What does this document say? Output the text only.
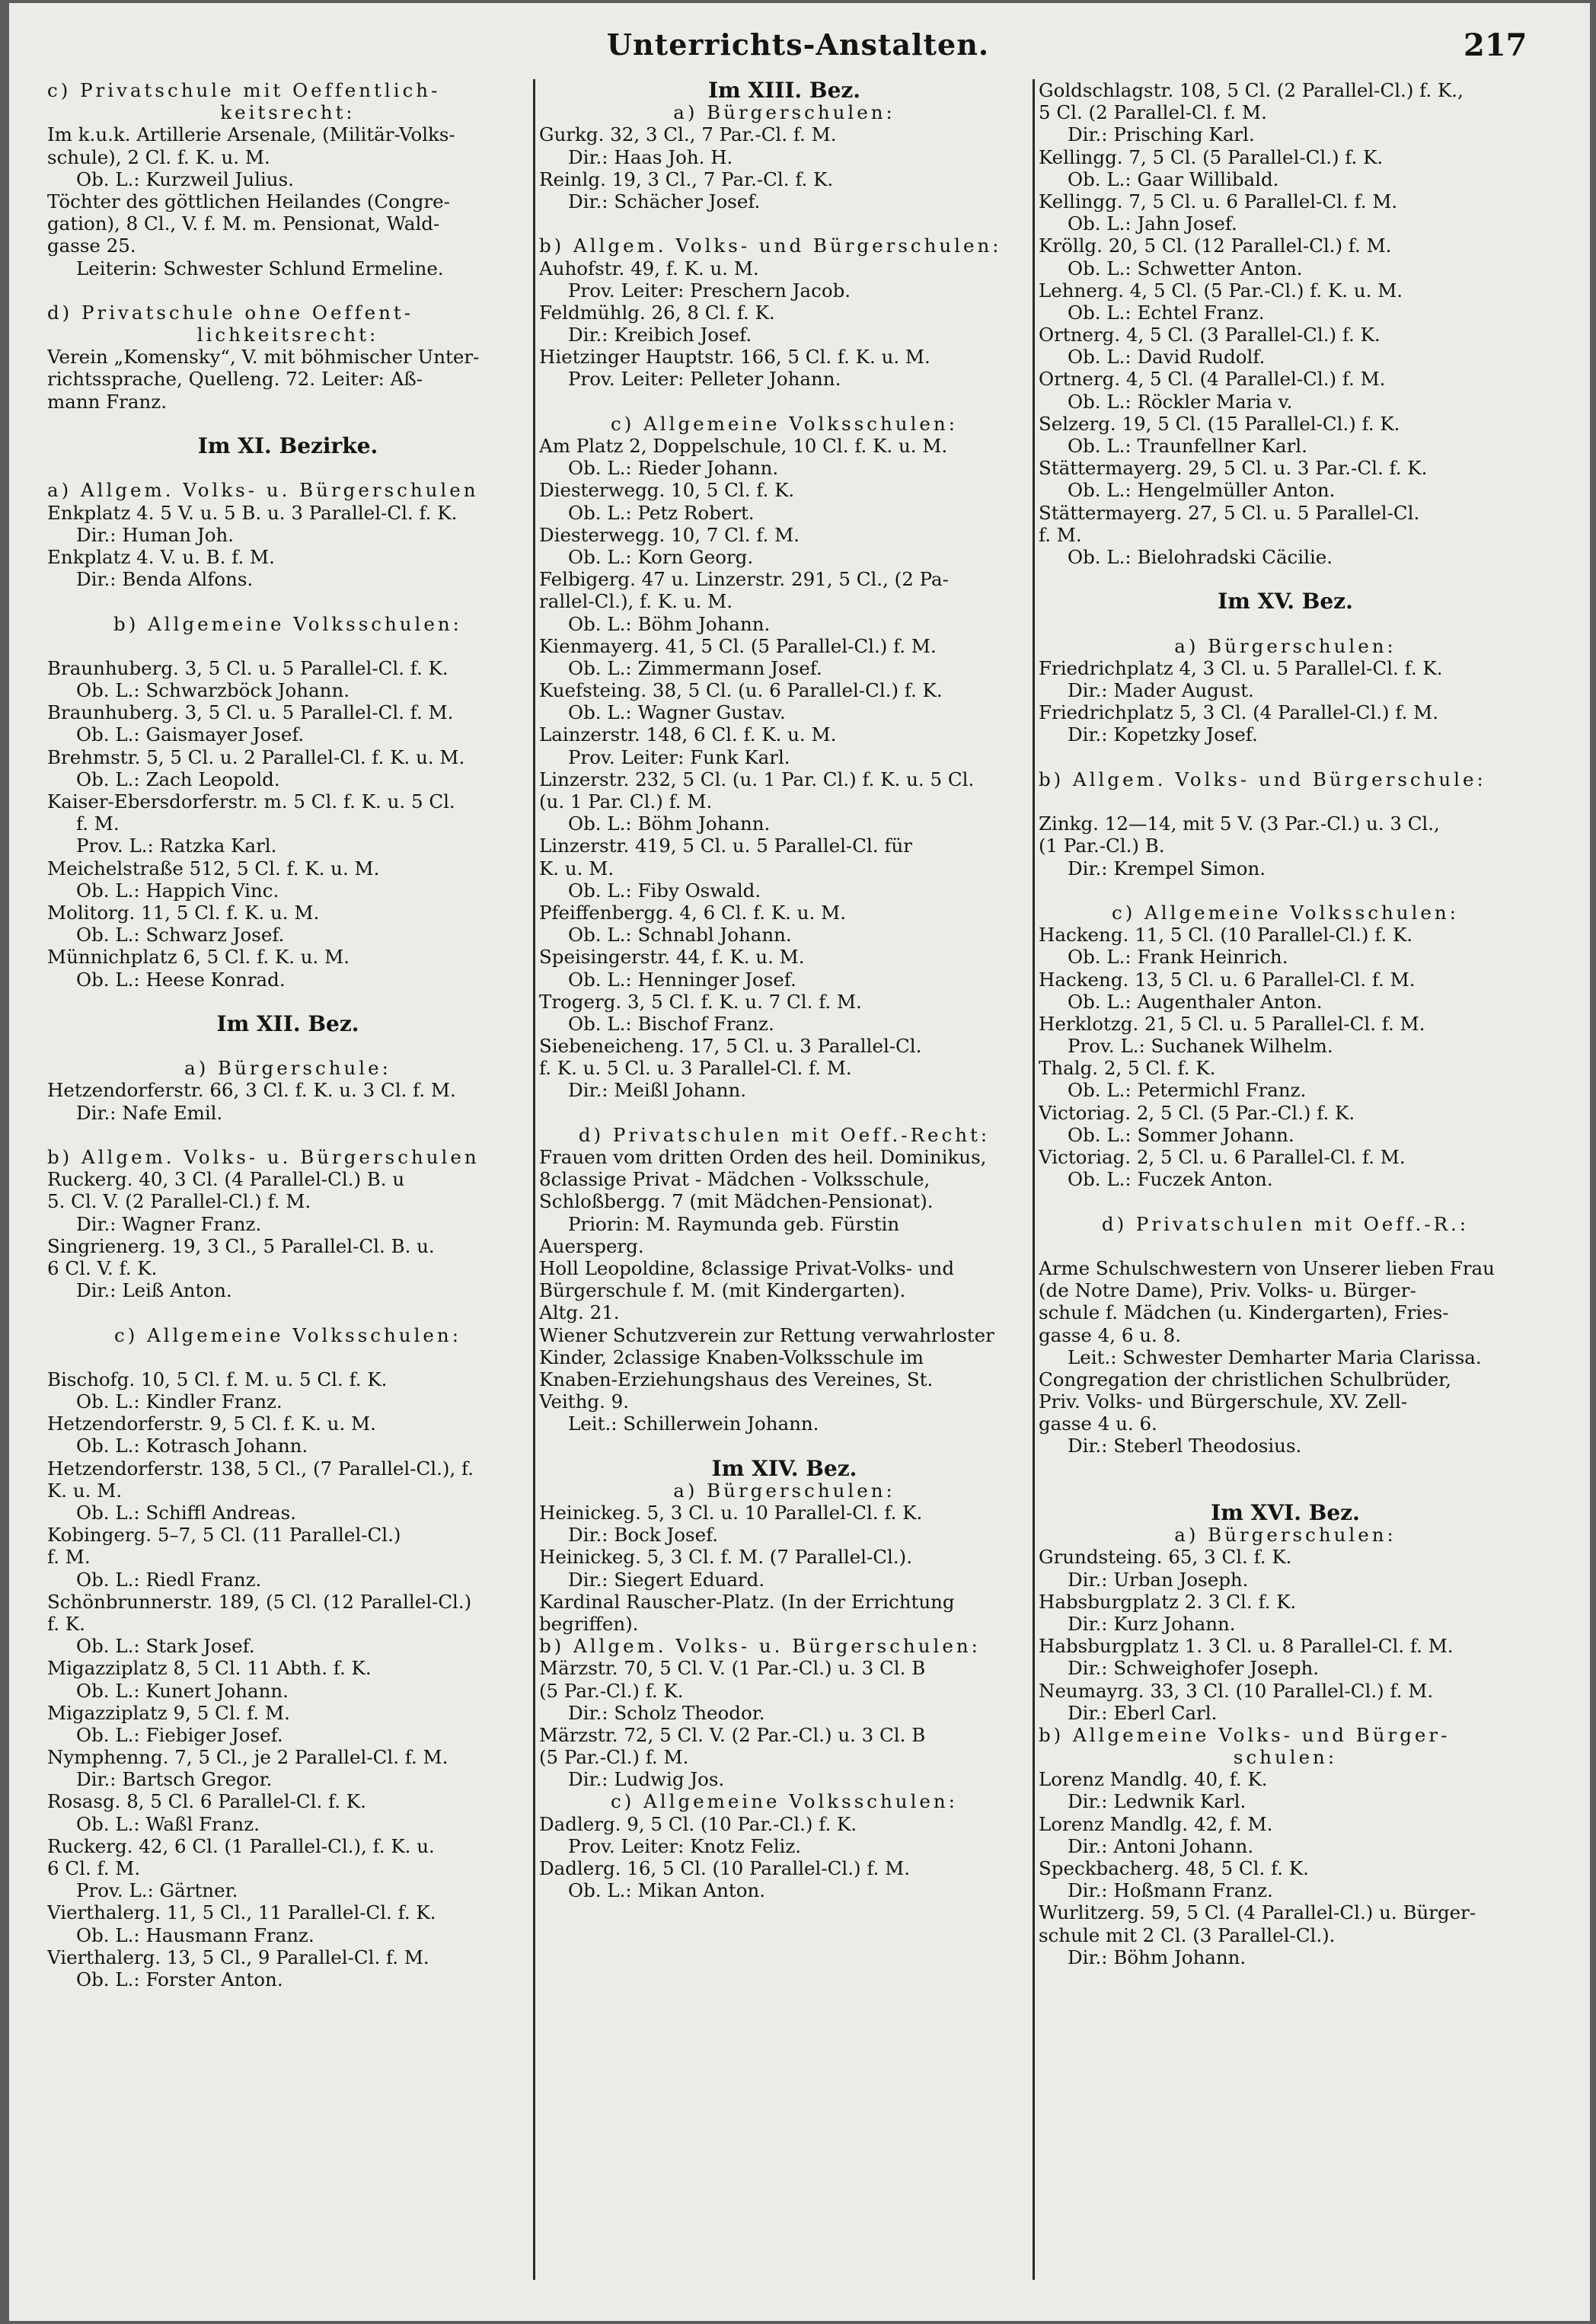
Unterrichts-Anstalten.	217
c) Privatschule mit Oeffentlich-
keitsrecht:
Im k.u.k. Artillerie Arsenale, (Militär-Volks-
schule), 2 Cl. f. K. u. M.
Ob. L.: Kurzweil Julius.
Töchter des göttlichen Heilandes (Congre-
gation), 8 Cl., V. f. M. m. Pensionat, Wald-
gasse 25.
Leiterin: Schwester Schlund Ermeline.
d) Privatschule ohne Oeffent-
lichkeitsrecht:
Verein „Komensky“, V. mit böhmischer Unter-
richtssprache, Quelleng. 72. Leiter: Aß-
mann Franz.
Im XI. Bezirke.
a) Allgem. Volks- u. Bürgerschulen
Enkplatz 4. 5 V. u. 5 B. u. 3 Parallel-Cl. f. K.
Dir.: Human Joh.
Enkplatz 4. V. u. B. f. M.
Dir.: Benda Alfons.
b) Allgemeine Volksschulen:
Braunhuberg. 3, 5 Cl. u. 5 Parallel-Cl. f. K.
Ob. L.: Schwarzböck Johann.
Braunhuberg. 3, 5 Cl. u. 5 Parallel-Cl. f. M.
Ob. L.: Gaismayer Josef.
Brehmstr. 5, 5 Cl. u. 2 Parallel-Cl. f. K. u. M.
Ob. L.: Zach Leopold.
Kaiser-Ebersdorferstr. m. 5 Cl. f. K. u. 5 Cl.
f. M.
Prov. L.: Ratzka Karl.
Meichelstraße 512, 5 Cl. f. K. u. M.
Ob. L.: Happich Vinc.
Molitorg. 11, 5 Cl. f. K. u. M.
Ob. L.: Schwarz Josef.
Münnichplatz 6, 5 Cl. f. K. u. M.
Ob. L.: Heese Konrad.
Im XII. Bez.
a) Bürgerschule:
Hetzendorferstr. 66, 3 Cl. f. K. u. 3 Cl. f. M.
Dir.: Nafe Emil.
b) Allgem. Volks- u. Bürgerschulen
Ruckerg. 40, 3 Cl. (4 Parallel-Cl.) B. u
5. Cl. V. (2 Parallel-Cl.) f. M.
Dir.: Wagner Franz.
Singrienerg. 19, 3 Cl., 5 Parallel-Cl. B. u.
6 Cl. V. f. K.
Dir.: Leiß Anton.
c) Allgemeine Volksschulen:
Bischofg. 10, 5 Cl. f. M. u. 5 Cl. f. K.
Ob. L.: Kindler Franz.
Hetzendorferstr. 9, 5 Cl. f. K. u. M.
Ob. L.: Kotrasch Johann.
Hetzendorferstr. 138, 5 Cl., (7 Parallel-Cl.), f.
K. u. M.
Ob. L.: Schiffl Andreas.
Kobingerg. 5–7, 5 Cl. (11 Parallel-Cl.)
f. M.
Ob. L.: Riedl Franz.
Schönbrunnerstr. 189, (5 Cl. (12 Parallel-Cl.)
f. K.
Ob. L.: Stark Josef.
Migazziplatz 8, 5 Cl. 11 Abth. f. K.
Ob. L.: Kunert Johann.
Migazziplatz 9, 5 Cl. f. M.
Ob. L.: Fiebiger Josef.
Nymphenng. 7, 5 Cl., je 2 Parallel-Cl. f. M.
Dir.: Bartsch Gregor.
Rosasg. 8, 5 Cl. 6 Parallel-Cl. f. K.
Ob. L.: Waßl Franz.
Ruckerg. 42, 6 Cl. (1 Parallel-Cl.), f. K. u.
6 Cl. f. M.
Prov. L.: Gärtner.
Vierthalerg. 11, 5 Cl., 11 Parallel-Cl. f. K.
Ob. L.: Hausmann Franz.
Vierthalerg. 13, 5 Cl., 9 Parallel-Cl. f. M.
Ob. L.: Forster Anton.
Im XIII. Bez.
a) Bürgerschulen:
Gurkg. 32, 3 Cl., 7 Par.-Cl. f. M.
Dir.: Haas Joh. H.
Reinlg. 19, 3 Cl., 7 Par.-Cl. f. K.
Dir.: Schächer Josef.
b) Allgem. Volks- und Bürgerschulen:
Auhofstr. 49, f. K. u. M.
Prov. Leiter: Preschern Jacob.
Feldmühlg. 26, 8 Cl. f. K.
Dir.: Kreibich Josef.
Hietzinger Hauptstr. 166, 5 Cl. f. K. u. M.
Prov. Leiter: Pelleter Johann.
c) Allgemeine Volksschulen:
Am Platz 2, Doppelschule, 10 Cl. f. K. u. M.
Ob. L.: Rieder Johann.
Diesterwegg. 10, 5 Cl. f. K.
Ob. L.: Petz Robert.
Diesterwegg. 10, 7 Cl. f. M.
Ob. L.: Korn Georg.
Felbigerg. 47 u. Linzerstr. 291, 5 Cl., (2 Pa-
rallel-Cl.), f. K. u. M.
Ob. L.: Böhm Johann.
Kienmayerg. 41, 5 Cl. (5 Parallel-Cl.) f. M.
Ob. L.: Zimmermann Josef.
Kuefsteing. 38, 5 Cl. (u. 6 Parallel-Cl.) f. K.
Ob. L.: Wagner Gustav.
Lainzerstr. 148, 6 Cl. f. K. u. M.
Prov. Leiter: Funk Karl.
Linzerstr. 232, 5 Cl. (u. 1 Par. Cl.) f. K. u. 5 Cl.
(u. 1 Par. Cl.) f. M.
Ob. L.: Böhm Johann.
Linzerstr. 419, 5 Cl. u. 5 Parallel-Cl. für
K. u. M.
Ob. L.: Fiby Oswald.
Pfeiffenbergg. 4, 6 Cl. f. K. u. M.
Ob. L.: Schnabl Johann.
Speisingerstr. 44, f. K. u. M.
Ob. L.: Henninger Josef.
Trogerg. 3, 5 Cl. f. K. u. 7 Cl. f. M.
Ob. L.: Bischof Franz.
Siebeneicheng. 17, 5 Cl. u. 3 Parallel-Cl.
f. K. u. 5 Cl. u. 3 Parallel-Cl. f. M.
Dir.: Meißl Johann.
d) Privatschulen mit Oeff.-Recht:
Frauen vom dritten Orden des heil. Dominikus,
8classige Privat - Mädchen - Volksschule,
Schloßbergg. 7 (mit Mädchen-Pensionat).
Priorin: M. Raymunda geb. Fürstin
Auersperg.
Holl Leopoldine, 8classige Privat-Volks- und
Bürgerschule f. M. (mit Kindergarten).
Altg. 21.
Wiener Schutzverein zur Rettung verwahrloster
Kinder, 2classige Knaben-Volksschule im
Knaben-Erziehungshaus des Vereines, St.
Veithg. 9.
Leit.: Schillerwein Johann.
Im XIV. Bez.
a) Bürgerschulen:
Heinickeg. 5, 3 Cl. u. 10 Parallel-Cl. f. K.
Dir.: Bock Josef.
Heinickeg. 5, 3 Cl. f. M. (7 Parallel-Cl.).
Dir.: Siegert Eduard.
Kardinal Rauscher-Platz. (In der Errichtung
begriffen).
b) Allgem. Volks- u. Bürgerschulen:
Märzstr. 70, 5 Cl. V. (1 Par.-Cl.) u. 3 Cl. B
(5 Par.-Cl.) f. K.
Dir.: Scholz Theodor.
Märzstr. 72, 5 Cl. V. (2 Par.-Cl.) u. 3 Cl. B
(5 Par.-Cl.) f. M.
Dir.: Ludwig Jos.
c) Allgemeine Volksschulen:
Dadlerg. 9, 5 Cl. (10 Par.-Cl.) f. K.
Prov. Leiter: Knotz Feliz.
Dadlerg. 16, 5 Cl. (10 Parallel-Cl.) f. M.
Ob. L.: Mikan Anton.
Goldschlagstr. 108, 5 Cl. (2 Parallel-Cl.) f. K.,
5 Cl. (2 Parallel-Cl. f. M.
Dir.: Prisching Karl.
Kellingg. 7, 5 Cl. (5 Parallel-Cl.) f. K.
Ob. L.: Gaar Willibald.
Kellingg. 7, 5 Cl. u. 6 Parallel-Cl. f. M.
Ob. L.: Jahn Josef.
Kröllg. 20, 5 Cl. (12 Parallel-Cl.) f. M.
Ob. L.: Schwetter Anton.
Lehnerg. 4, 5 Cl. (5 Par.-Cl.) f. K. u. M.
Ob. L.: Echtel Franz.
Ortnerg. 4, 5 Cl. (3 Parallel-Cl.) f. K.
Ob. L.: David Rudolf.
Ortnerg. 4, 5 Cl. (4 Parallel-Cl.) f. M.
Ob. L.: Röckler Maria v.
Selzerg. 19, 5 Cl. (15 Parallel-Cl.) f. K.
Ob. L.: Traunfellner Karl.
Stättermayerg. 29, 5 Cl. u. 3 Par.-Cl. f. K.
Ob. L.: Hengelmüller Anton.
Stättermayerg. 27, 5 Cl. u. 5 Parallel-Cl.
f. M.
Ob. L.: Bielohradski Cäcilie.
Im XV. Bez.
a) Bürgerschulen:
Friedrichplatz 4, 3 Cl. u. 5 Parallel-Cl. f. K.
Dir.: Mader August.
Friedrichplatz 5, 3 Cl. (4 Parallel-Cl.) f. M.
Dir.: Kopetzky Josef.
b) Allgem. Volks- und Bürgerschule:
Zinkg. 12—14, mit 5 V. (3 Par.-Cl.) u. 3 Cl.,
(1 Par.-Cl.) B.
Dir.: Krempel Simon.
c) Allgemeine Volksschulen:
Hackeng. 11, 5 Cl. (10 Parallel-Cl.) f. K.
Ob. L.: Frank Heinrich.
Hackeng. 13, 5 Cl. u. 6 Parallel-Cl. f. M.
Ob. L.: Augenthaler Anton.
Herklotzg. 21, 5 Cl. u. 5 Parallel-Cl. f. M.
Prov. L.: Suchanek Wilhelm.
Thalg. 2, 5 Cl. f. K.
Ob. L.: Petermichl Franz.
Victoriag. 2, 5 Cl. (5 Par.-Cl.) f. K.
Ob. L.: Sommer Johann.
Victoriag. 2, 5 Cl. u. 6 Parallel-Cl. f. M.
Ob. L.: Fuczek Anton.
d) Privatschulen mit Oeff.-R.:
Arme Schulschwestern von Unserer lieben Frau
(de Notre Dame), Priv. Volks- u. Bürger-
schule f. Mädchen (u. Kindergarten), Fries-
gasse 4, 6 u. 8.
Leit.: Schwester Demharter Maria Clarissa.
Congregation der christlichen Schulbrüder,
Priv. Volks- und Bürgerschule, XV. Zell-
gasse 4 u. 6.
Dir.: Steberl Theodosius.
Im XVI. Bez.
a) Bürgerschulen:
Grundsteing. 65, 3 Cl. f. K.
Dir.: Urban Joseph.
Habsburgplatz 2. 3 Cl. f. K.
Dir.: Kurz Johann.
Habsburgplatz 1. 3 Cl. u. 8 Parallel-Cl. f. M.
Dir.: Schweighofer Joseph.
Neumayrg. 33, 3 Cl. (10 Parallel-Cl.) f. M.
Dir.: Eberl Carl.
b) Allgemeine Volks- und Bürger-
schulen:
Lorenz Mandlg. 40, f. K.
Dir.: Ledwnik Karl.
Lorenz Mandlg. 42, f. M.
Dir.: Antoni Johann.
Speckbacherg. 48, 5 Cl. f. K.
Dir.: Hoßmann Franz.
Wurlitzerg. 59, 5 Cl. (4 Parallel-Cl.) u. Bürger-
schule mit 2 Cl. (3 Parallel-Cl.).
Dir.: Böhm Johann.
